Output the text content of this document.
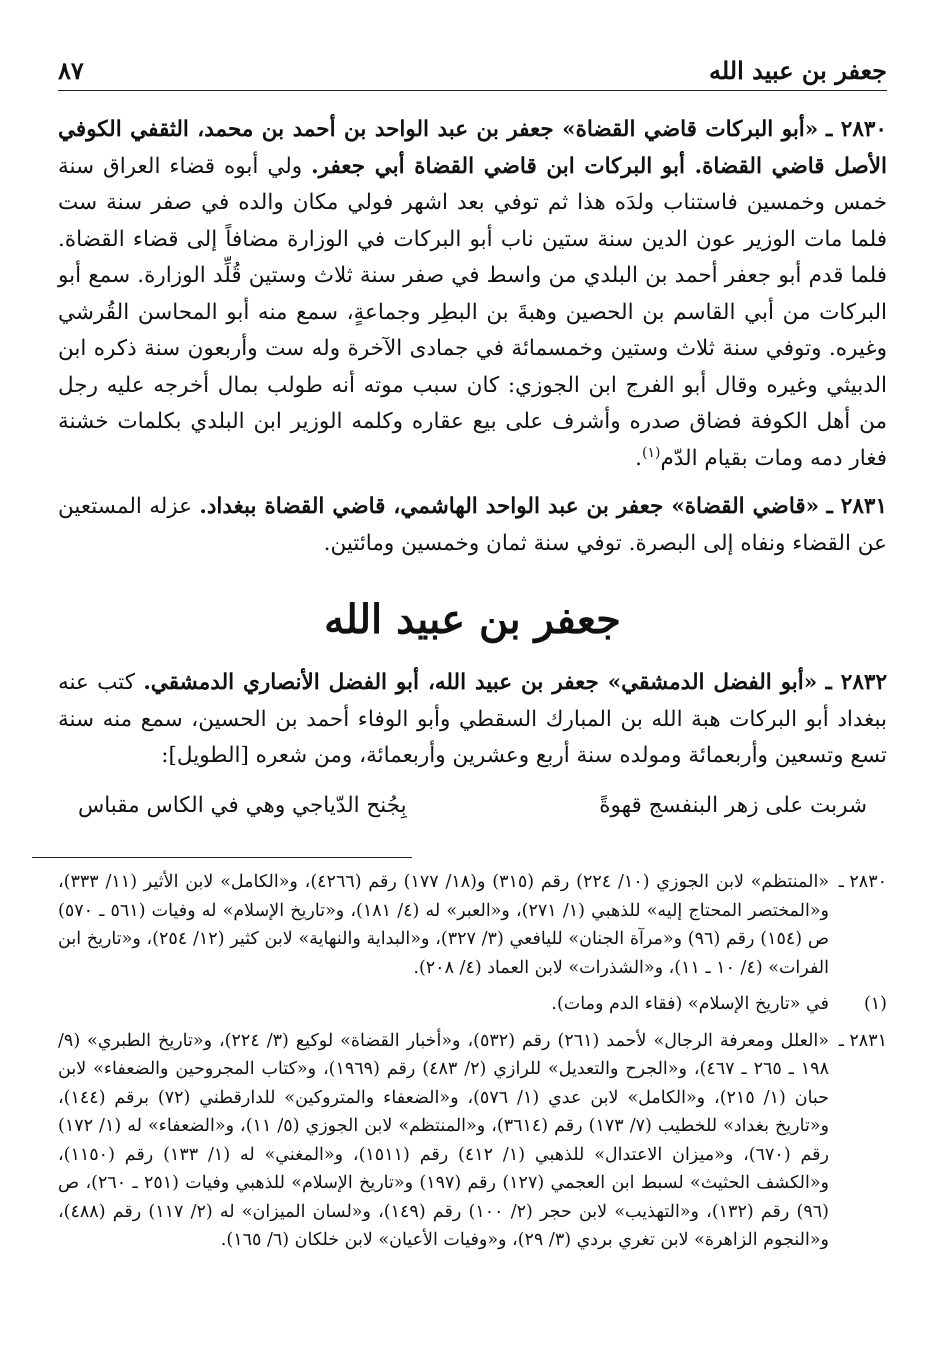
جعفر بن عبيد الله
٨٧

٢٨٣٠ ـ «أبو البركات قاضي القضاة» جعفر بن عبد الواحد بن أحمد بن محمد، الثقفي الكوفي الأصل قاضي القضاة. أبو البركات ابن قاضي القضاة أبي جعفر. ولي أبوه قضاء العراق سنة خمس وخمسين فاستناب ولدَه هذا ثم توفي بعد اشهر فولي مكان والده في صفر سنة ست فلما مات الوزير عون الدين سنة ستين ناب أبو البركات في الوزارة مضافاً إلى قضاء القضاة. فلما قدم أبو جعفر أحمد بن البلدي من واسط في صفر سنة ثلاث وستين قُلِّد الوزارة. سمع أبو البركات من أبي القاسم بن الحصين وهبةَ بن البطِر وجماعةٍ، سمع منه أبو المحاسن القُرشي وغيره. وتوفي سنة ثلاث وستين وخمسمائة في جمادى الآخرة وله ست وأربعون سنة ذكره ابن الدبيثي وغيره وقال أبو الفرج ابن الجوزي: كان سبب موته أنه طولب بمال أخرجه عليه رجل من أهل الكوفة فضاق صدره وأشرف على بيع عقاره وكلمه الوزير ابن البلدي بكلمات خشنة فغار دمه ومات بقيام الدّم$^{(١)}$.

٢٨٣١ ـ «قاضي القضاة» جعفر بن عبد الواحد الهاشمي، قاضي القضاة ببغداد. عزله المستعين عن القضاء ونفاه إلى البصرة. توفي سنة ثمان وخمسين ومائتين.

جعفر بن عبيد الله

٢٨٣٢ ـ «أبو الفضل الدمشقي» جعفر بن عبيد الله، أبو الفضل الأنصاري الدمشقي. كتب عنه ببغداد أبو البركات هبة الله بن المبارك السقطي وأبو الوفاء أحمد بن الحسين، سمع منه سنة تسع وتسعين وأربعمائة ومولده سنة أربع وعشرين وأربعمائة، ومن شعره [الطويل]:

شربت على زهر البنفسج قهوةً
بِجُنح الدّياجي وهي في الكاس مقباس
٢٨٣٠ ـ
«المنتظم» لابن الجوزي (١٠/ ٢٢٤) رقم (٣١٥) و(١٨/ ١٧٧) رقم (٤٢٦٦)، و«الكامل» لابن الأثير (١١/ ٣٣٣)، و«المختصر المحتاج إليه» للذهبي (١/ ٢٧١)، و«العبر» له (٤/ ١٨١)، و«تاريخ الإسلام» له وفيات (٥٦١ ـ ٥٧٠) ص (١٥٤) رقم (٩٦) و«مرآة الجنان» لليافعي (٣/ ٣٢٧)، و«البداية والنهاية» لابن كثير (١٢/ ٢٥٤)، و«تاريخ ابن الفرات» (٤/ ١٠ ـ ١١)، و«الشذرات» لابن العماد (٤/ ٢٠٨).
(١)
في «تاريخ الإسلام» (فقاء الدم ومات).
٢٨٣١ ـ
«العلل ومعرفة الرجال» لأحمد (٢٦١) رقم (٥٣٢)، و«أخبار القضاة» لوكيع (٣/ ٢٢٤)، و«تاريخ الطبري» (٩/ ١٩٨ ـ ٢٦٥ ـ ٤٦٧)، و«الجرح والتعديل» للرازي (٢/ ٤٨٣) رقم (١٩٦٩)، و«كتاب المجروحين والضعفاء» لابن حبان (١/ ٢١٥)، و«الكامل» لابن عدي (١/ ٥٧٦)، و«الضعفاء والمتروكين» للدارقطني (٧٢) برقم (١٤٤)، و«تاريخ بغداد» للخطيب (٧/ ١٧٣) رقم (٣٦١٤)، و«المنتظم» لابن الجوزي (٥/ ١١)، و«الضعفاء» له (١/ ١٧٢) رقم (٦٧٠)، و«ميزان الاعتدال» للذهبي (١/ ٤١٢) رقم (١٥١١)، و«المغني» له (١/ ١٣٣) رقم (١١٥٠)، و«الكشف الحثيث» لسبط ابن العجمي (١٢٧) رقم (١٩٧) و«تاريخ الإسلام» للذهبي وفيات (٢٥١ ـ ٢٦٠)، ص (٩٦) رقم (١٣٢)، و«التهذيب» لابن حجر (٢/ ١٠٠) رقم (١٤٩)، و«لسان الميزان» له (٢/ ١١٧) رقم (٤٨٨)، و«النجوم الزاهرة» لابن تغري بردي (٣/ ٢٩)، و«وفيات الأعيان» لابن خلكان (٦/ ١٦٥).
